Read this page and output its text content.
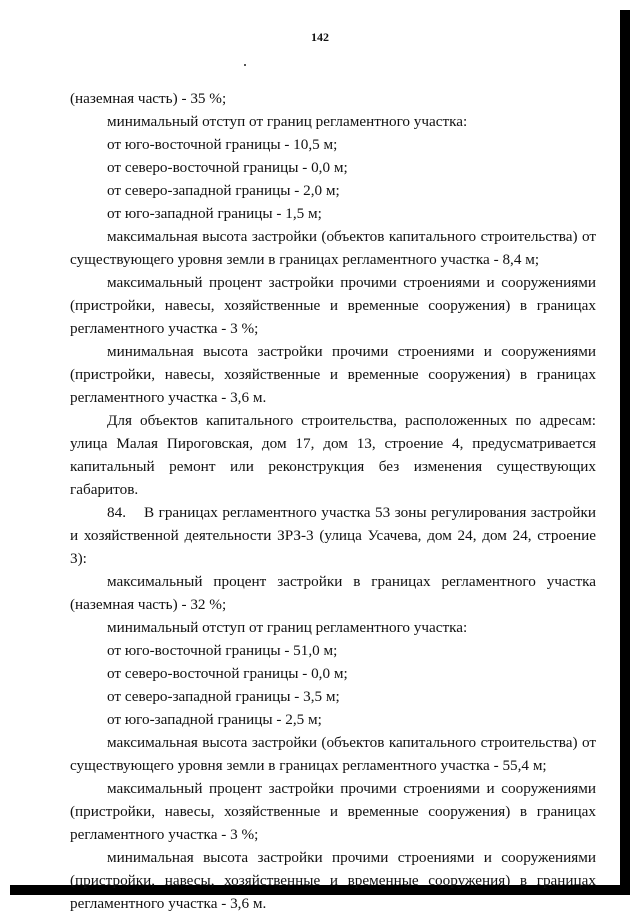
142

(наземная часть) - 35 %;

минимальный отступ от границ регламентного участка:

от юго-восточной границы - 10,5 м;

от северо-восточной границы - 0,0 м;

от северо-западной границы - 2,0 м;

от юго-западной границы - 1,5 м;

максимальная высота застройки (объектов капитального строительства) от существующего уровня земли в границах регламентного участка - 8,4 м;

максимальный процент застройки прочими строениями и сооружениями (пристройки, навесы, хозяйственные и временные сооружения) в границах регламентного участка - 3 %;

минимальная высота застройки прочими строениями и сооружениями (пристройки, навесы, хозяйственные и временные сооружения) в границах регламентного участка - 3,6 м.

Для объектов капитального строительства, расположенных по адресам: улица Малая Пироговская, дом 17, дом 13, строение 4, предусматривается капитальный ремонт или реконструкция без изменения существующих габаритов.

84.    В границах регламентного участка 53 зоны регулирования застройки и хозяйственной деятельности ЗРЗ-3 (улица Усачева, дом 24, дом 24, строение 3):

максимальный процент застройки в границах регламентного участка (наземная часть) - 32 %;

минимальный отступ от границ регламентного участка:

от юго-восточной границы - 51,0 м;

от северо-восточной границы - 0,0 м;

от северо-западной границы - 3,5 м;

от юго-западной границы - 2,5 м;

максимальная высота застройки (объектов капитального строительства) от существующего уровня земли в границах регламентного участка - 55,4 м;

максимальный процент застройки прочими строениями и сооружениями (пристройки, навесы, хозяйственные и временные сооружения) в границах регламентного участка - 3 %;

минимальная высота застройки прочими строениями и сооружениями (пристройки, навесы, хозяйственные и временные сооружения) в границах регламентного участка - 3,6 м.
